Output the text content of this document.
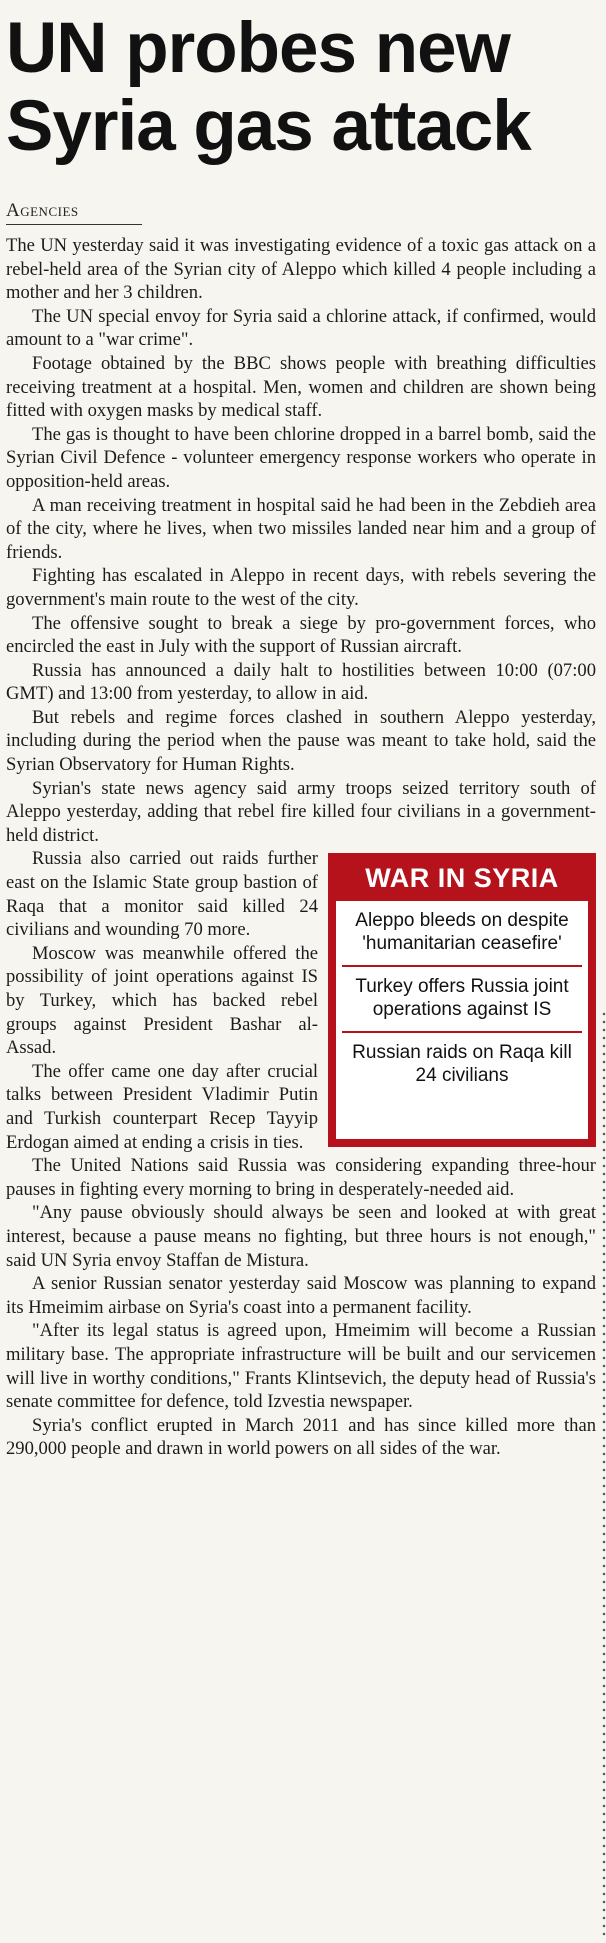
UN probes new
Syria gas attack
Agencies

The UN yesterday said it was investigating evidence of a toxic gas attack on a rebel-held area of the Syrian city of Aleppo which killed 4 people including a mother and her 3 children.

The UN special envoy for Syria said a chlorine attack, if confirmed, would amount to a "war crime".

Footage obtained by the BBC shows people with breathing difficulties receiving treatment at a hospital. Men, women and children are shown being fitted with oxygen masks by medical staff.

The gas is thought to have been chlorine dropped in a barrel bomb, said the Syrian Civil Defence - volunteer emergency response workers who operate in opposition-held areas.

A man receiving treatment in hospital said he had been in the Zebdieh area of the city, where he lives, when two missiles landed near him and a group of friends.

Fighting has escalated in Aleppo in recent days, with rebels severing the government's main route to the west of the city.

The offensive sought to break a siege by pro-government forces, who encircled the east in July with the support of Russian aircraft.

Russia has announced a daily halt to hostilities between 10:00 (07:00 GMT) and 13:00 from yesterday, to allow in aid.

But rebels and regime forces clashed in southern Aleppo yesterday, including during the period when the pause was meant to take hold, said the Syrian Observatory for Human Rights.

Syrian's state news agency said army troops seized territory south of Aleppo yesterday, adding that rebel fire killed four civilians in a government-held district.

WAR IN SYRIA
Aleppo bleeds on despite 'humanitarian ceasefire'
Turkey offers Russia joint operations against IS
Russian raids on Raqa kill 24 civilians

Russia also carried out raids further east on the Islamic State group bastion of Raqa that a monitor said killed 24 civilians and wounding 70 more.

Moscow was meanwhile offered the possibility of joint operations against IS by Turkey, which has backed rebel groups against President Bashar al-Assad.

The offer came one day after crucial talks between President Vladimir Putin and Turkish counterpart Recep Tayyip Erdogan aimed at ending a crisis in ties.

The United Nations said Russia was considering expanding three-hour pauses in fighting every morning to bring in desperately-needed aid.

"Any pause obviously should always be seen and looked at with great interest, because a pause means no fighting, but three hours is not enough," said UN Syria envoy Staffan de Mistura.

A senior Russian senator yesterday said Moscow was planning to expand its Hmeimim airbase on Syria's coast into a permanent facility.

"After its legal status is agreed upon, Hmeimim will become a Russian military base. The appropriate infrastructure will be built and our servicemen will live in worthy conditions," Frants Klintsevich, the deputy head of Russia's senate committee for defence, told Izvestia newspaper.

Syria's conflict erupted in March 2011 and has since killed more than 290,000 people and drawn in world powers on all sides of the war.
